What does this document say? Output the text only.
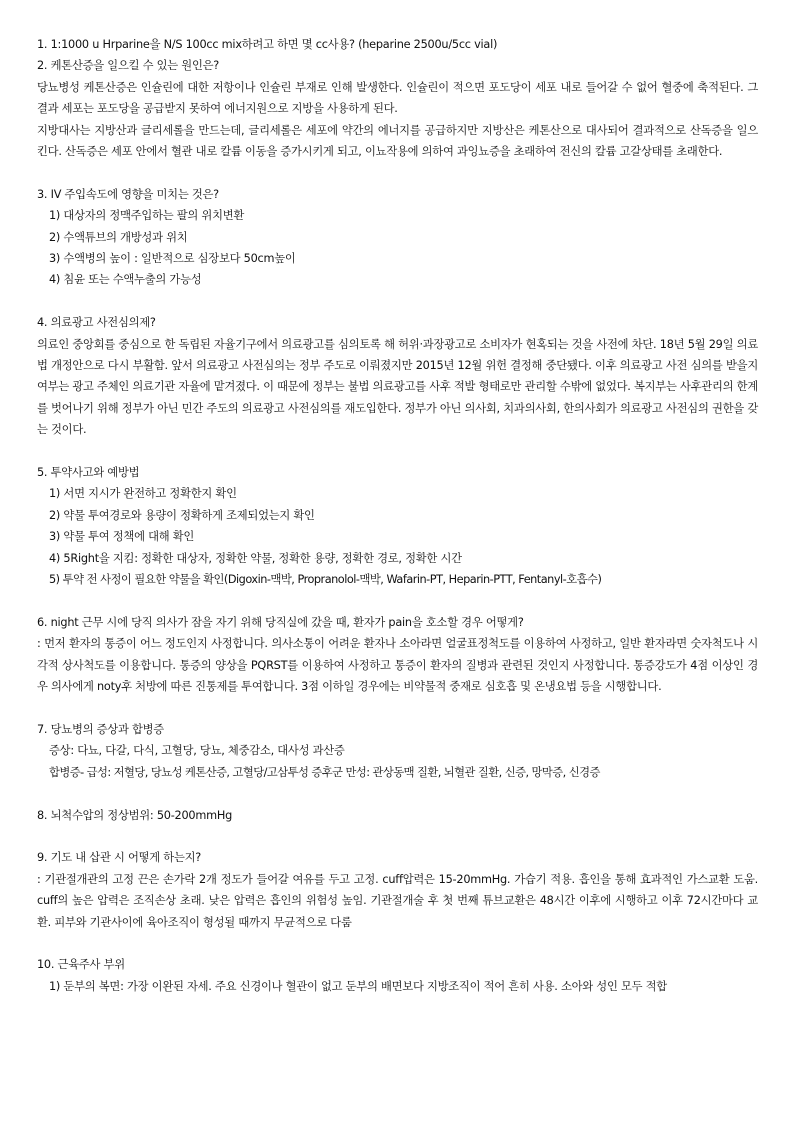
1. 1:1000 u Hrparine을 N/S 100cc mix하려고 하면 몇 cc사용? (heparine 2500u/5cc vial)
2. 케톤산증을 일으킬 수 있는 원인은?
당뇨병성 케톤산증은 인슐린에 대한 저항이나 인슐린 부재로 인해 발생한다. 인슐린이 적으면 포도당이 세포 내로 들어갈 수 없어 혈중에 축적된다. 그 결과 세포는 포도당을 공급받지 못하여 에너지원으로 지방을 사용하게 된다.
지방대사는 지방산과 글리세롤을 만드는데, 글리세롤은 세포에 약간의 에너지를 공급하지만 지방산은 케톤산으로 대사되어 결과적으로 산독증을 일으킨다. 산독증은 세포 안에서 혈관 내로 칼륨 이동을 증가시키게 되고, 이뇨작용에 의하여 과잉뇨증을 초래하여 전신의 칼륨 고갈상태를 초래한다.
3. IV 주입속도에 영향을 미치는 것은?
1) 대상자의 정맥주입하는 팔의 위치변환
2) 수액튜브의 개방성과 위치
3) 수액병의 높이 : 일반적으로 심장보다 50cm높이
4) 침윤 또는 수액누출의 가능성
4. 의료광고 사전심의제?
의료인 중앙회를 중심으로 한 독립된 자율기구에서 의료광고를 심의토록 해 허위·과장광고로 소비자가 현혹되는 것을 사전에 차단. 18년 5월 29일 의료법 개정안으로 다시 부활함. 앞서 의료광고 사전심의는 정부 주도로 이뤄졌지만 2015년 12월 위헌 결정해 중단됐다. 이후 의료광고 사전 심의를 받을지 여부는 광고 주체인 의료기관 자율에 맡겨졌다. 이 때문에 정부는 불법 의료광고를 사후 적발 형태로만 관리할 수밖에 없었다. 복지부는 사후관리의 한계를 벗어나기 위해 정부가 아닌 민간 주도의 의료광고 사전심의를 재도입한다. 정부가 아닌 의사회, 치과의사회, 한의사회가 의료광고 사전심의 권한을 갖는 것이다.
5. 투약사고와 예방법
1) 서면 지시가 완전하고 정확한지 확인
2) 약물 투여경로와 용량이 정확하게 조제되었는지 확인
3) 약물 투여 정책에 대해 확인
4) 5Right을 지킴: 정확한 대상자, 정확한 약물, 정확한 용량, 정확한 경로, 정확한 시간
5) 투약 전 사정이 필요한 약물을 확인(Digoxin-맥박, Propranolol-맥박, Wafarin-PT, Heparin-PTT, Fentanyl-호흡수)
6. night 근무 시에 당직 의사가 잠을 자기 위해 당직실에 갔을 때, 환자가 pain을 호소할 경우 어떻게?
: 먼저 환자의 통증이 어느 정도인지 사정합니다. 의사소통이 어려운 환자나 소아라면 얼굴표정척도를 이용하여 사정하고, 일반 환자라면 숫자척도나 시각적 상사척도를 이용합니다. 통증의 양상을 PQRST를 이용하여 사정하고 통증이 환자의 질병과 관련된 것인지 사정합니다. 통증강도가 4점 이상인 경우 의사에게 noty후 처방에 따른 진통제를 투여합니다. 3점 이하일 경우에는 비약물적 중재로 심호흡 및 온냉요법 등을 시행합니다.
7. 당뇨병의 증상과 합병증
증상: 다뇨, 다갈, 다식, 고혈당, 당뇨, 체중감소, 대사성 과산증
합병증- 급성: 저혈당, 당뇨성 케톤산증, 고혈당/고삼투성 증후군 만성: 관상동맥 질환, 뇌혈관 질환, 신증, 망막증, 신경증
8. 뇌척수압의 정상범위: 50-200mmHg
9. 기도 내 삽관 시 어떻게 하는지?
: 기관절개관의 고정 끈은 손가락 2개 정도가 들어갈 여유를 두고 고정. cuff압력은 15-20mmHg. 가습기 적용. 흡인을 통해 효과적인 가스교환 도움. cuff의 높은 압력은 조직손상 초래. 낮은 압력은 흡인의 위험성 높임. 기관절개술 후 첫 번째 튜브교환은 48시간 이후에 시행하고 이후 72시간마다 교환. 피부와 기관사이에 육아조직이 형성될 때까지 무균적으로 다룸
10. 근육주사 부위
1) 둔부의 복면: 가장 이완된 자세. 주요 신경이나 혈관이 없고 둔부의 배면보다 지방조직이 적어 흔히 사용. 소아와 성인 모두 적합
